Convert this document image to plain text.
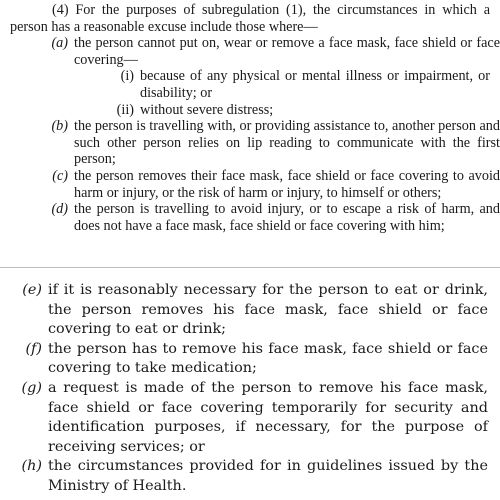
(4) For the purposes of subregulation (1), the circumstances in which a person has a reasonable excuse include those where—

(a) the person cannot put on, wear or remove a face mask, face shield or face covering—
(i) because of any physical or mental illness or impairment, or disability; or
(ii) without severe distress;
(b) the person is travelling with, or providing assistance to, another person and such other person relies on lip reading to communicate with the first person;
(c) the person removes their face mask, face shield or face covering to avoid harm or injury, or the risk of harm or injury, to himself or others;
(d) the person is travelling to avoid injury, or to escape a risk of harm, and does not have a face mask, face shield or face covering with him;
(e) if it is reasonably necessary for the person to eat or drink, the person removes his face mask, face shield or face covering to eat or drink;
(f) the person has to remove his face mask, face shield or face covering to take medication;
(g) a request is made of the person to remove his face mask, face shield or face covering temporarily for security and identification purposes, if necessary, for the purpose of receiving services; or
(h) the circumstances provided for in guidelines issued by the Ministry of Health.
